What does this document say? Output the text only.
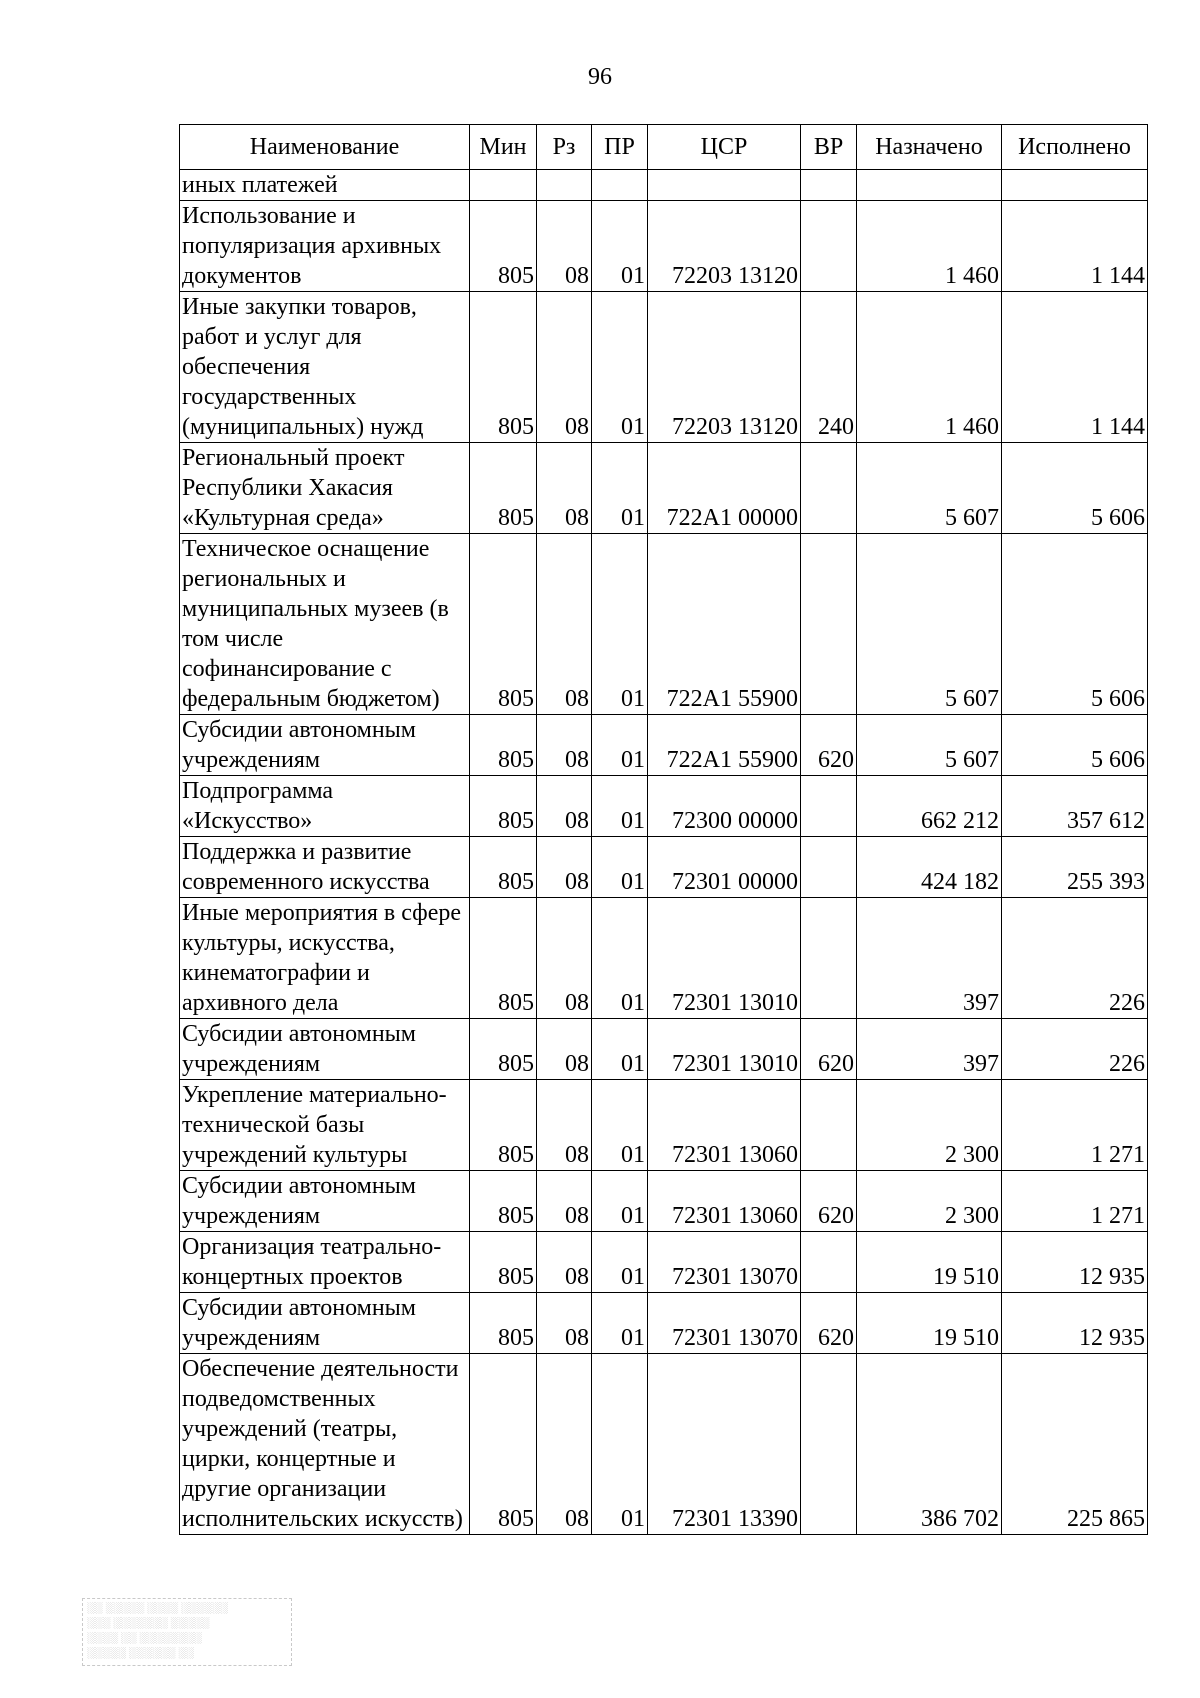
96
Наименование	Мин	Рз	ПР	ЦСР	ВР	Назначено	Исполнено
иных платежей							
Использование и популяризация архивных документов	805	08	01	72203 13120		1 460	1 144
Иные закупки товаров, работ и услуг для обеспечения государственных (муниципальных) нужд	805	08	01	72203 13120	240	1 460	1 144
Региональный проект Республики Хакасия «Культурная среда»	805	08	01	722A1 00000		5 607	5 606
Техническое оснащение региональных и муниципальных музеев (в том числе софинансирование с федеральным бюджетом)	805	08	01	722A1 55900		5 607	5 606
Субсидии автономным учреждениям	805	08	01	722A1 55900	620	5 607	5 606
Подпрограмма «Искусство»	805	08	01	72300 00000		662 212	357 612
Поддержка и развитие современного искусства	805	08	01	72301 00000		424 182	255 393
Иные мероприятия в сфере культуры, искусства, кинематографии и архивного дела	805	08	01	72301 13010		397	226
Субсидии автономным учреждениям	805	08	01	72301 13010	620	397	226
Укрепление материально-технической базы учреждений культуры	805	08	01	72301 13060		2 300	1 271
Субсидии автономным учреждениям	805	08	01	72301 13060	620	2 300	1 271
Организация театрально-концертных проектов	805	08	01	72301 13070		19 510	12 935
Субсидии автономным учреждениям	805	08	01	72301 13070	620	19 510	12 935
Обеспечение деятельности подведомственных учреждений (театры, цирки, концертные и другие организации исполнительских искусств)	805	08	01	72301 13390		386 702	225 865
░░ ░░░░░ ░░░░ ░░░░░░
░░░ ░░░░░░░ ░░░░░
░░░░ ░░ ░░░░░░░░
░░░░░ ░░░░░░ ░░
